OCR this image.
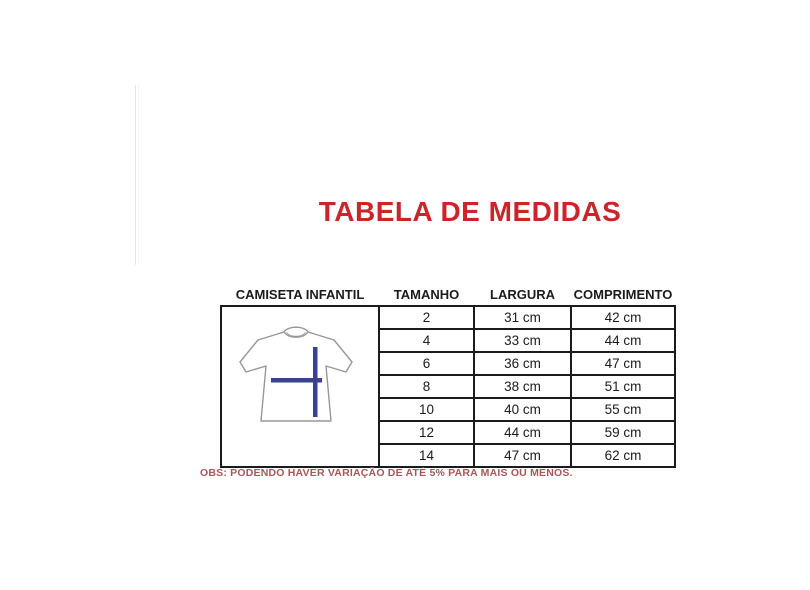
TABELA DE MEDIDAS
CAMISETA INFANTIL	TAMANHO	LARGURA	COMPRIMENTO

	2	31 cm	42 cm
	4	33 cm	44 cm
	6	36 cm	47 cm
	8	38 cm	51 cm
	10	40 cm	55 cm
	12	44 cm	59 cm
	14	47 cm	62 cm

OBS: PODENDO HAVER VARIAÇÃO DE ATÉ 5% PARA MAIS OU MENOS.
